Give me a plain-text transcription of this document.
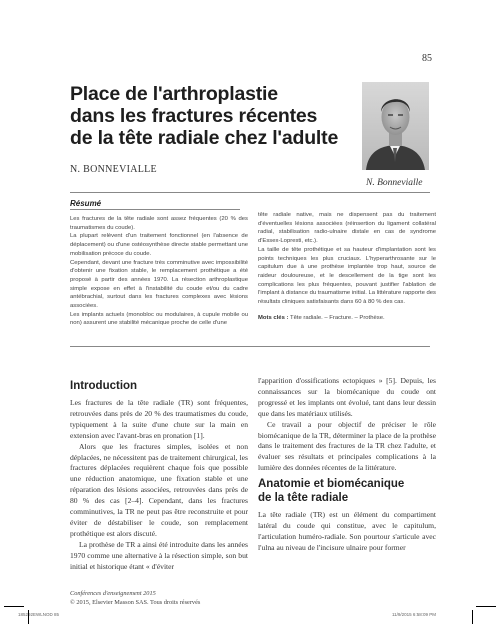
85
Place de l'arthroplastie
dans les fractures récentes
de la tête radiale chez l'adulte
N. BONNEVIALLE
N. Bonnevialle
Résumé

Les fractures de la tête radiale sont assez fréquentes (20 % des traumatismes du coude).

La plupart relèvent d'un traitement fonctionnel (en l'absence de déplacement) ou d'une ostéosynthèse directe stable permettant une mobilisation précoce du coude.

Cependant, devant une fracture très comminutive avec impossibilité d'obtenir une fixation stable, le remplacement prothétique a été proposé à partir des années 1970. La résection arthroplastique simple expose en effet à l'instabilité du coude et/ou du cadre antébrachial, surtout dans les fractures complexes avec lésions associées.

Les implants actuels (monobloc ou modulaires, à cupule mobile ou non) assurent une stabilité mécanique proche de celle d'une

tête radiale native, mais ne dispensent pas du traitement d'éventuelles lésions associées (réinsertion du ligament collatéral radial, stabilisation radio-ulnaire distale en cas de syndrome d'Essex-Lopresti, etc.).

La taille de tête prothétique et sa hauteur d'implantation sont les points techniques les plus cruciaux. L'hyperarthrosante sur le capitulum due à une prothèse implantée trop haut, source de raideur douloureuse, et le descellement de la tige sont les complications les plus fréquentes, pouvant justifier l'ablation de l'implant à distance du traumatisme initial. La littérature rapporte des résultats cliniques satisfaisants dans 60 à 80 % des cas.

Mots clés : Tête radiale. – Fracture. – Prothèse.
Introduction

Les fractures de la tête radiale (TR) sont fréquentes, retrouvées dans près de 20 % des traumatismes du coude, typiquement à la suite d'une chute sur la main en extension avec l'avant-bras en pronation [1].

Alors que les fractures simples, isolées et non déplacées, ne nécessitent pas de traitement chirurgical, les fractures déplacées requièrent chaque fois que possible une réduction anatomique, une fixation stable et une réparation des lésions associées, retrouvées dans près de 80 % des cas [2–4]. Cependant, dans les fractures comminutives, la TR ne peut pas être reconstruite et pour éviter de déstabiliser le coude, son remplacement prothétique est alors discuté.

La prothèse de TR a ainsi été introduite dans les années 1970 comme une alternative à la résection simple, son but initial et historique étant « d'éviter

l'apparition d'ossifications ectopiques » [5]. Depuis, les connaissances sur la biomécanique du coude ont progressé et les implants ont évolué, tant dans leur dessin que dans les matériaux utilisés.

Ce travail a pour objectif de préciser le rôle biomécanique de la TR, déterminer la place de la prothèse dans le traitement des fractures de la TR chez l'adulte, et évaluer ses résultats et principales complications à la lumière des données récentes de la littérature.

Anatomie et biomécanique
de la tête radiale

La tête radiale (TR) est un élément du compartiment latéral du coude qui constitue, avec le capitulum, l'articulation huméro-radiale. Son pourtour s'articule avec l'ulna au niveau de l'incisure ulnaire pour former

Conférences d'enseignement 2015
© 2015, Elsevier Masson SAS. Tous droits réservés
185292EWLNOD 85	11/9/2015 6:58:09 PM
